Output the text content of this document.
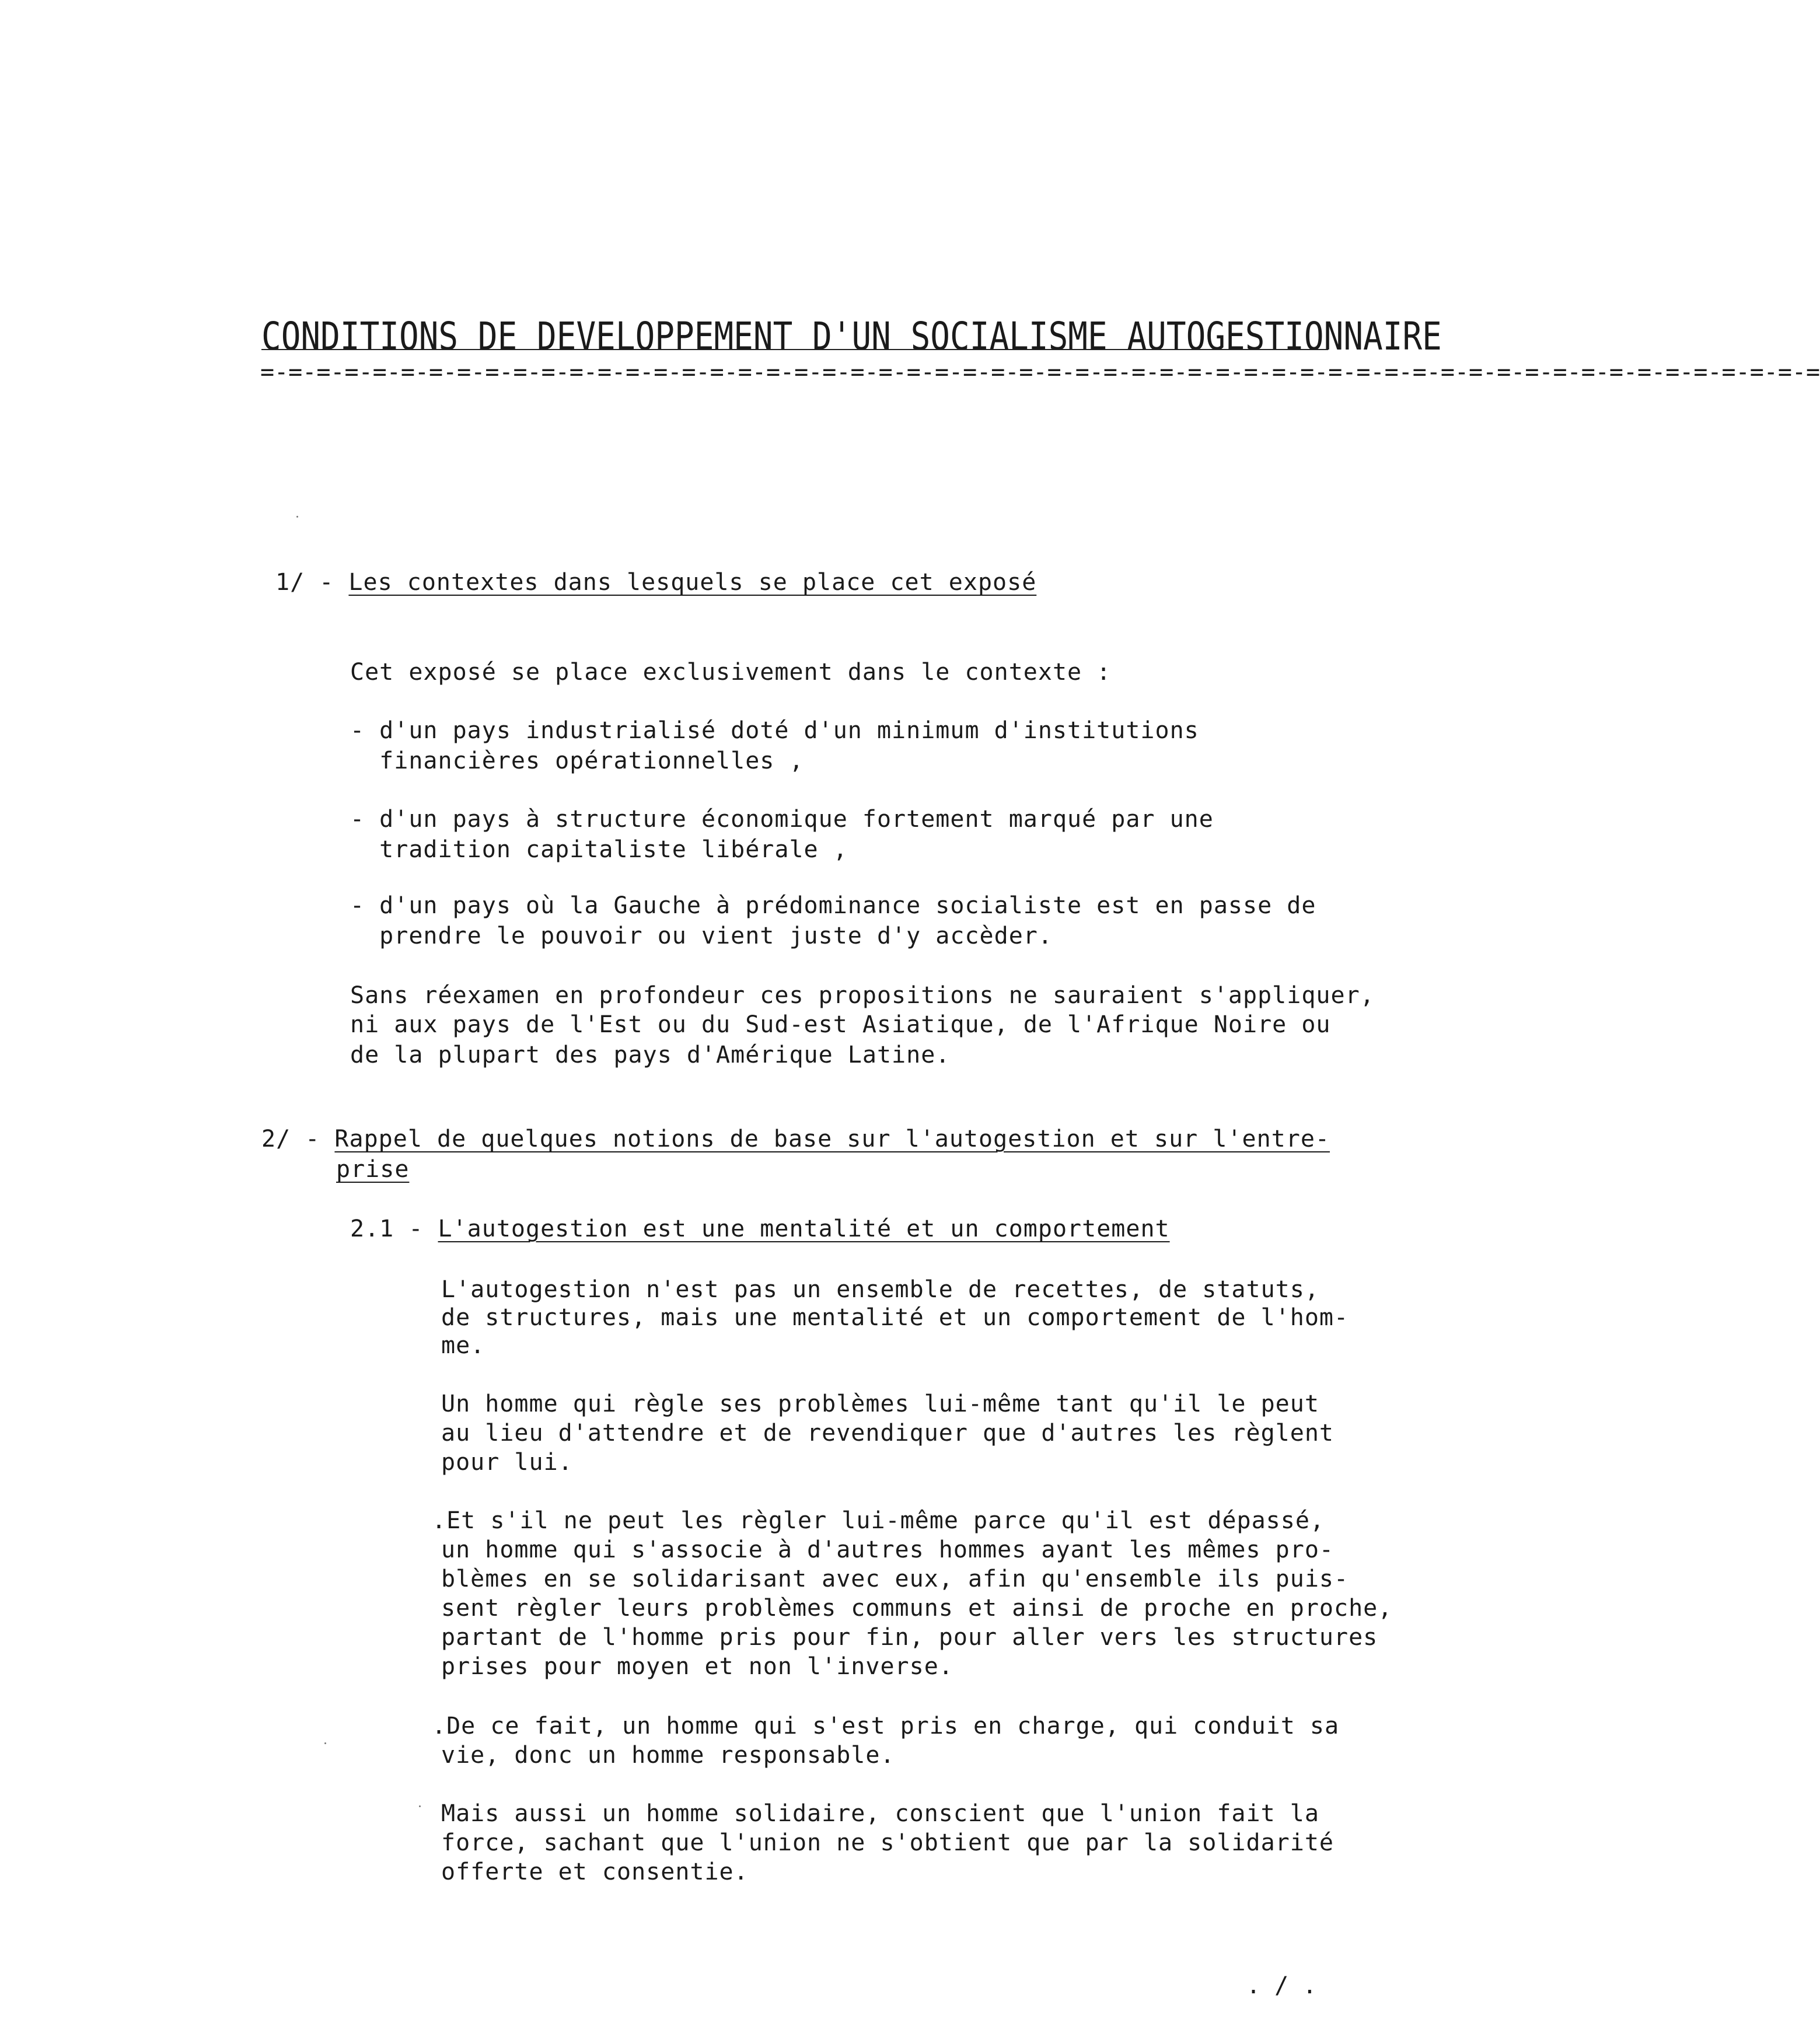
CONDITIONS DE DEVELOPPEMENT D'UN SOCIALISME AUTOGESTIONNAIRE
=-=-=-=-=-=-=-=-=-=-=-=-=-=-=-=-=-=-=-=-=-=-=-=-=-=-=-=-=-=-=-=-=-=-=-=-=-=-=-=-=-=-=-=-=-=-=-=-=-=-=-=-=-=-=-=
1/ - Les contextes dans lesquels se place cet exposé
Cet exposé se place exclusivement dans le contexte :
- d'un pays industrialisé doté d'un minimum d'institutions
financières opérationnelles ,
- d'un pays à structure économique fortement marqué par une
tradition capitaliste libérale ,
- d'un pays où la Gauche à prédominance socialiste est en passe de
prendre le pouvoir ou vient juste d'y accèder.
Sans réexamen en profondeur ces propositions ne sauraient s'appliquer,
ni aux pays de l'Est ou du Sud-est Asiatique, de l'Afrique Noire ou
de la plupart des pays d'Amérique Latine.
2/ - Rappel de quelques notions de base sur l'autogestion et sur l'entre-
prise
2.1 - L'autogestion est une mentalité et un comportement
L'autogestion n'est pas un ensemble de recettes, de statuts,
de structures, mais une mentalité et un comportement de l'hom-
me.
Un homme qui règle ses problèmes lui-même tant qu'il le peut
au lieu d'attendre et de revendiquer que d'autres les règlent
pour lui.
.Et s'il ne peut les règler lui-même parce qu'il est dépassé,
un homme qui s'associe à d'autres hommes ayant les mêmes pro-
blèmes en se solidarisant avec eux, afin qu'ensemble ils puis-
sent règler leurs problèmes communs et ainsi de proche en proche,
partant de l'homme pris pour fin, pour aller vers les structures
prises pour moyen et non l'inverse.
.De ce fait, un homme qui s'est pris en charge, qui conduit sa
vie, donc un homme responsable.
Mais aussi un homme solidaire, conscient que l'union fait la
force, sachant que l'union ne s'obtient que par la solidarité
offerte et consentie.
. / .
